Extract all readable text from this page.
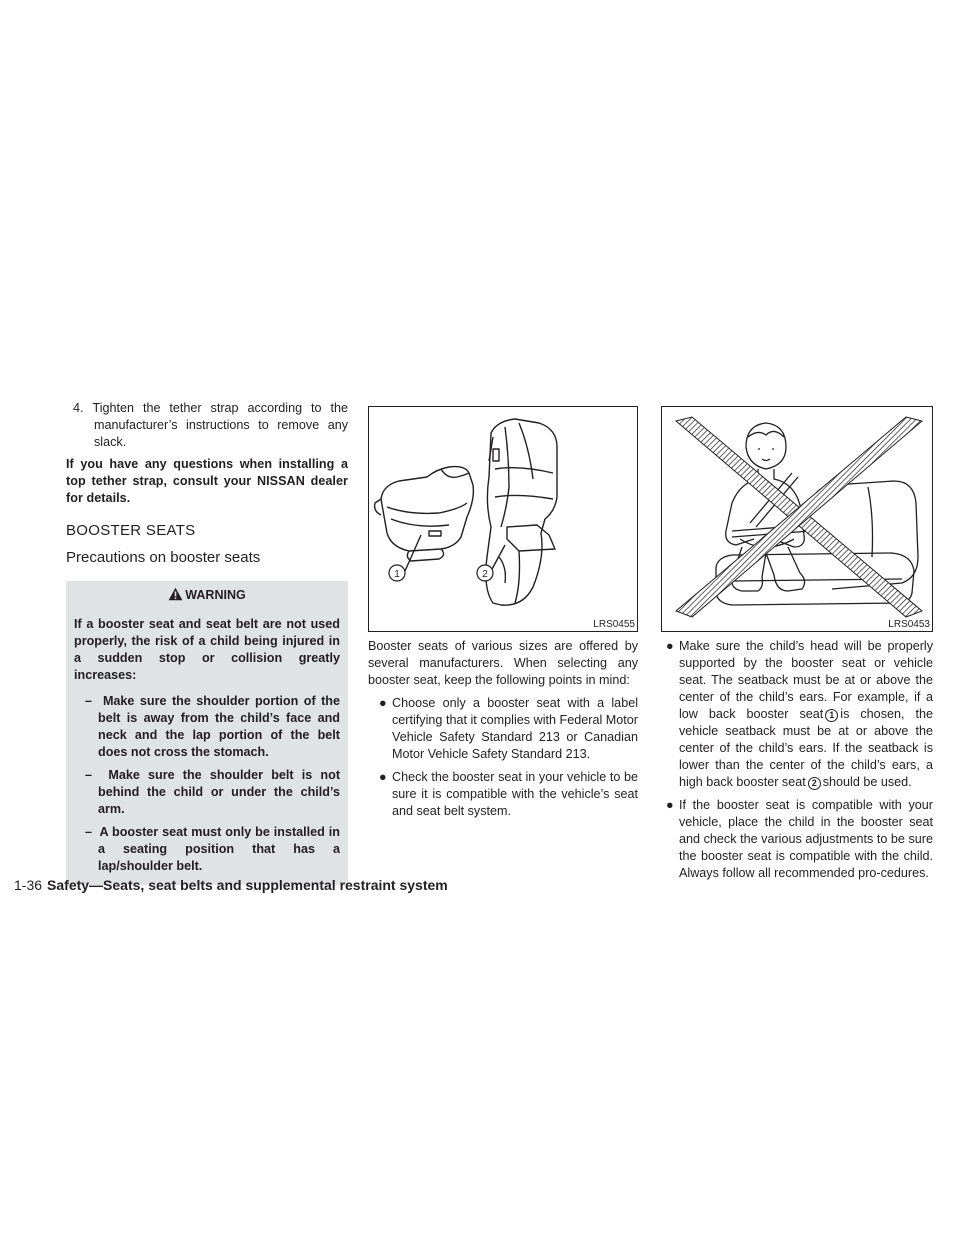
4. Tighten the tether strap according to the manufacturer’s instructions to remove any slack.

If you have any questions when installing a top tether strap, consult your NISSAN dealer for details.

BOOSTER SEATS
Precautions on booster seats
WARNING

If a booster seat and seat belt are not used properly, the risk of a child being injured in a sudden stop or collision greatly increases:

– Make sure the shoulder portion of the belt is away from the child’s face and neck and the lap portion of the belt does not cross the stomach.

– Make sure the shoulder belt is not behind the child or under the child’s arm.

– A booster seat must only be installed in a seating position that has a lap/shoulder belt.

1	2
LRS0455

Booster seats of various sizes are offered by several manufacturers. When selecting any booster seat, keep the following points in mind:

● Choose only a booster seat with a label certifying that it complies with Federal Motor Vehicle Safety Standard 213 or Canadian Motor Vehicle Safety Standard 213.

● Check the booster seat in your vehicle to be sure it is compatible with the vehicle’s seat and seat belt system.

LRS0453

● Make sure the child’s head will be properly supported by the booster seat or vehicle seat. The seatback must be at or above the center of the child’s ears. For example, if a low back booster seat 1 is chosen, the vehicle seatback must be at or above the center of the child’s ears. If the seatback is lower than the center of the child’s ears, a high back booster seat 2 should be used.

● If the booster seat is compatible with your vehicle, place the child in the booster seat and check the various adjustments to be sure the booster seat is compatible with the child. Always follow all recommended pro-cedures.

1-36 Safety—Seats, seat belts and supplemental restraint system
